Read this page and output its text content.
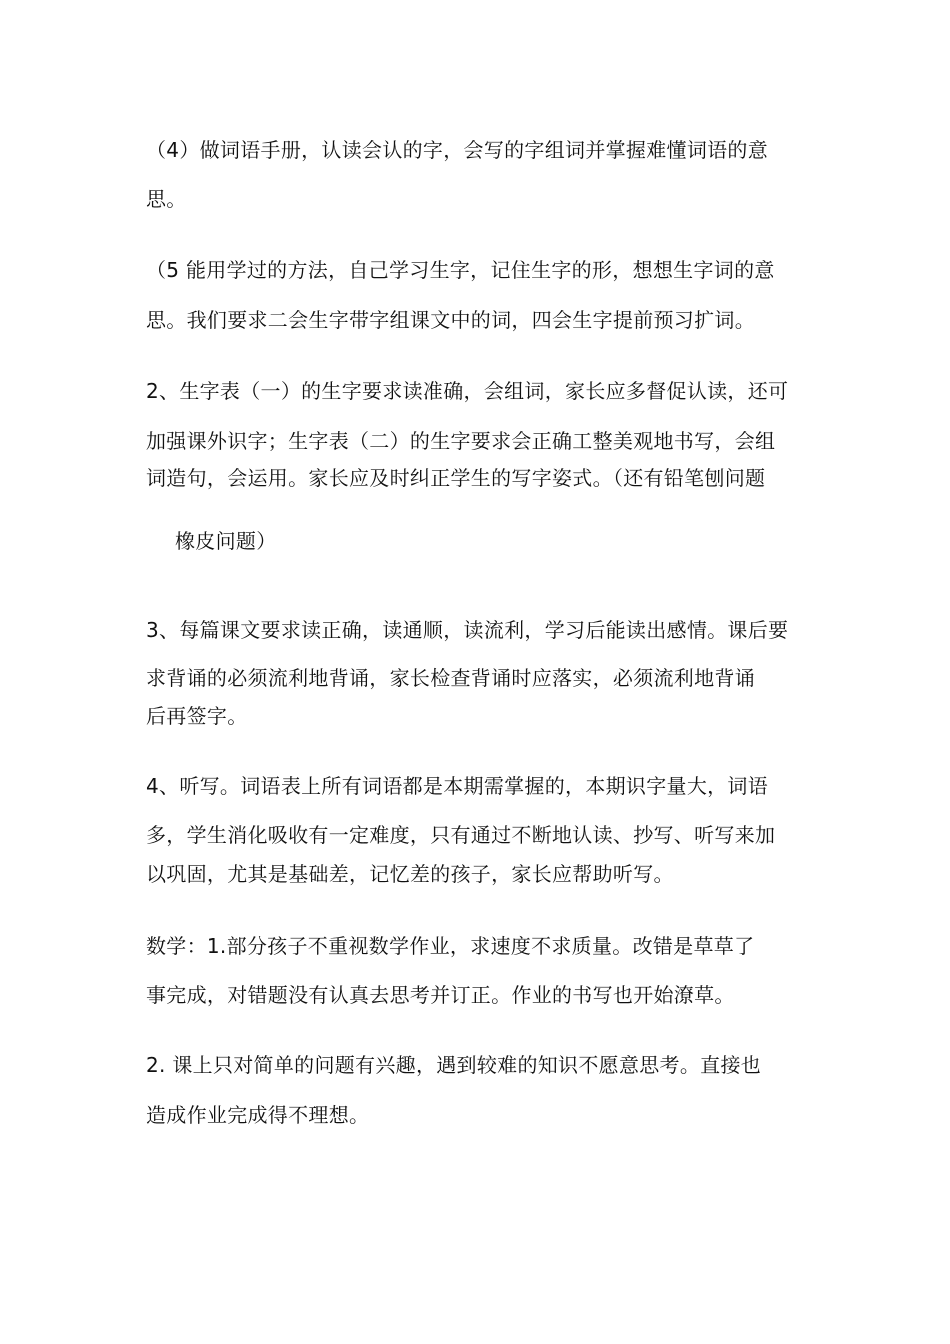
（4）做词语手册，认读会认的字，会写的字组词并掌握难懂词语的意
思。
（5 能用学过的方法，自己学习生字，记住生字的形，想想生字词的意
思。我们要求二会生字带字组课文中的词，四会生字提前预习扩词。
2、生字表（一）的生字要求读准确，会组词，家长应多督促认读，还可
加强课外识字；生字表（二）的生字要求会正确工整美观地书写，会组
词造句，会运用。家长应及时纠正学生的写字姿式。（还有铅笔刨问题
橡皮问题）
3、每篇课文要求读正确，读通顺，读流利，学习后能读出感情。课后要
求背诵的必须流利地背诵，家长检查背诵时应落实，必须流利地背诵
后再签字。
4、听写。词语表上所有词语都是本期需掌握的，本期识字量大，词语
多，学生消化吸收有一定难度，只有通过不断地认读、抄写、听写来加
以巩固，尤其是基础差，记忆差的孩子，家长应帮助听写。
数学：1.部分孩子不重视数学作业，求速度不求质量。改错是草草了
事完成，对错题没有认真去思考并订正。作业的书写也开始潦草。
2. 课上只对简单的问题有兴趣，遇到较难的知识不愿意思考。直接也
造成作业完成得不理想。
